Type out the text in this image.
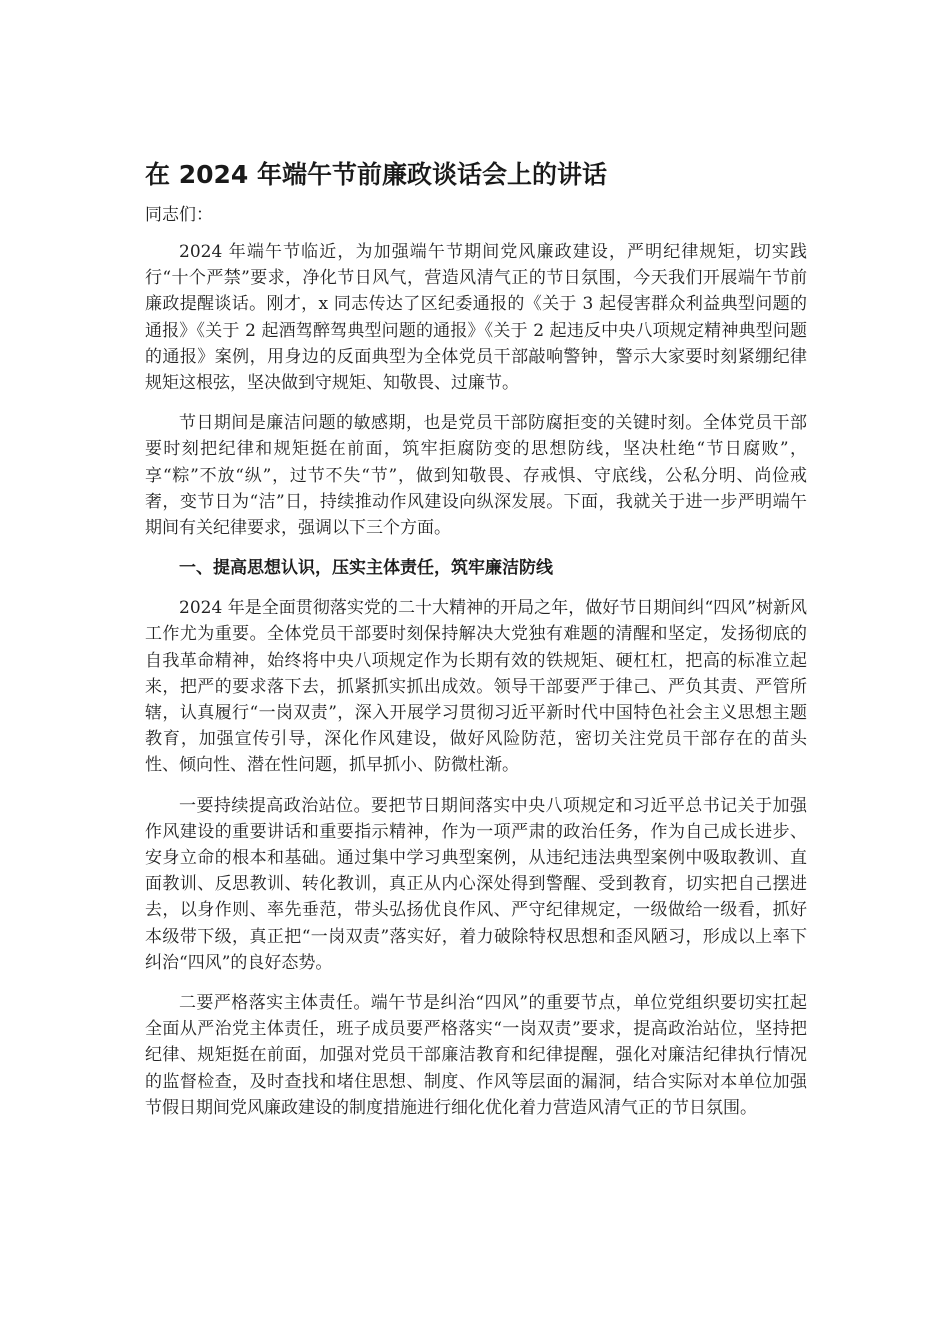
在 2024 年端午节前廉政谈话会上的讲话

同志们：

2024 年端午节临近，为加强端午节期间党风廉政建设，严明纪律规矩，切实践行“十个严禁”要求，净化节日风气，营造风清气正的节日氛围，今天我们开展端午节前廉政提醒谈话。刚才，x 同志传达了区纪委通报的《关于 3 起侵害群众利益典型问题的通报》《关于 2 起酒驾醉驾典型问题的通报》《关于 2 起违反中央八项规定精神典型问题的通报》案例，用身边的反面典型为全体党员干部敲响警钟，警示大家要时刻紧绷纪律规矩这根弦，坚决做到守规矩、知敬畏、过廉节。

节日期间是廉洁问题的敏感期，也是党员干部防腐拒变的关键时刻。全体党员干部要时刻把纪律和规矩挺在前面，筑牢拒腐防变的思想防线，坚决杜绝“节日腐败”，享“粽”不放“纵”，过节不失“节”，做到知敬畏、存戒惧、守底线，公私分明、尚俭戒奢，变节日为“洁”日，持续推动作风建设向纵深发展。下面，我就关于进一步严明端午期间有关纪律要求，强调以下三个方面。

一、提高思想认识，压实主体责任，筑牢廉洁防线

2024 年是全面贯彻落实党的二十大精神的开局之年，做好节日期间纠“四风”树新风工作尤为重要。全体党员干部要时刻保持解决大党独有难题的清醒和坚定，发扬彻底的自我革命精神，始终将中央八项规定作为长期有效的铁规矩、硬杠杠，把高的标准立起来，把严的要求落下去，抓紧抓实抓出成效。领导干部要严于律己、严负其责、严管所辖，认真履行“一岗双责”，深入开展学习贯彻习近平新时代中国特色社会主义思想主题教育，加强宣传引导，深化作风建设，做好风险防范，密切关注党员干部存在的苗头性、倾向性、潜在性问题，抓早抓小、防微杜渐。

一要持续提高政治站位。要把节日期间落实中央八项规定和习近平总书记关于加强作风建设的重要讲话和重要指示精神，作为一项严肃的政治任务，作为自己成长进步、安身立命的根本和基础。通过集中学习典型案例，从违纪违法典型案例中吸取教训、直面教训、反思教训、转化教训，真正从内心深处得到警醒、受到教育，切实把自己摆进去，以身作则、率先垂范，带头弘扬优良作风、严守纪律规定，一级做给一级看，抓好本级带下级，真正把“一岗双责”落实好，着力破除特权思想和歪风陋习，形成以上率下纠治“四风”的良好态势。

二要严格落实主体责任。端午节是纠治“四风”的重要节点，单位党组织要切实扛起全面从严治党主体责任，班子成员要严格落实“一岗双责”要求，提高政治站位，坚持把纪律、规矩挺在前面，加强对党员干部廉洁教育和纪律提醒，强化对廉洁纪律执行情况的监督检查，及时查找和堵住思想、制度、作风等层面的漏洞，结合实际对本单位加强节假日期间党风廉政建设的制度措施进行细化优化着力营造风清气正的节日氛围。
